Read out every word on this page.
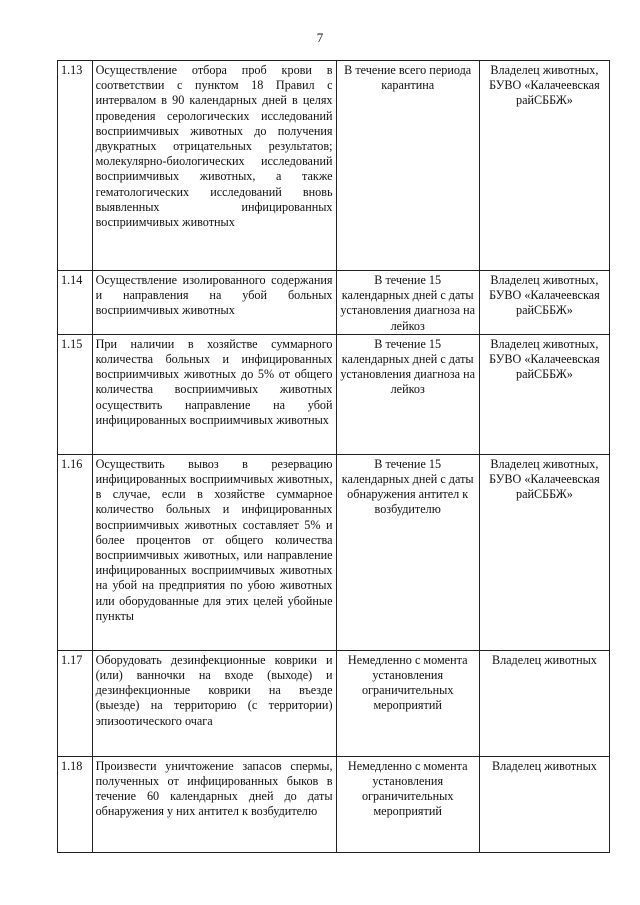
7
1.13	Осуществление отбора проб крови в соответствии с пунктом 18 Правил с интервалом в 90 календарных дней в целях проведения серологических исследований восприимчивых животных до получения двукратных отрицательных результатов; молекулярно-биологических исследований восприимчивых животных, а также гематологических исследований вновь выявленных инфицированных восприимчивых животных	В течение всего периода карантина	Владелец животных, БУВО «Калачеевская райСББЖ»
1.14	Осуществление изолированного содержания и направления на убой больных восприимчивых животных	В течение 15 календарных дней с даты установления диагноза на лейкоз	Владелец животных, БУВО «Калачеевская райСББЖ»
1.15	При наличии в хозяйстве суммарного количества больных и инфицированных восприимчивых животных до 5% от общего количества восприимчивых животных осуществить направление на убой инфицированных восприимчивых животных	В течение 15 календарных дней с даты установления диагноза на лейкоз	Владелец животных, БУВО «Калачеевская райСББЖ»
1.16	Осуществить вывоз в резервацию инфицированных восприимчивых животных, в случае, если в хозяйстве суммарное количество больных и инфицированных восприимчивых животных составляет 5% и более процентов от общего количества восприимчивых животных, или направление инфицированных восприимчивых животных на убой на предприятия по убою животных или оборудованные для этих целей убойные пункты	В течение 15 календарных дней с даты обнаружения антител к возбудителю	Владелец животных, БУВО «Калачеевская райСББЖ»
1.17	Оборудовать дезинфекционные коврики и (или) ванночки на входе (выходе) и дезинфекционные коврики на въезде (выезде) на территорию (с территории) эпизоотического очага	Немедленно с момента установления ограничительных мероприятий	Владелец животных
1.18	Произвести уничтожение запасов спермы, полученных от инфицированных быков в течение 60 календарных дней до даты обнаружения у них антител к возбудителю	Немедленно с момента установления ограничительных мероприятий	Владелец животных
